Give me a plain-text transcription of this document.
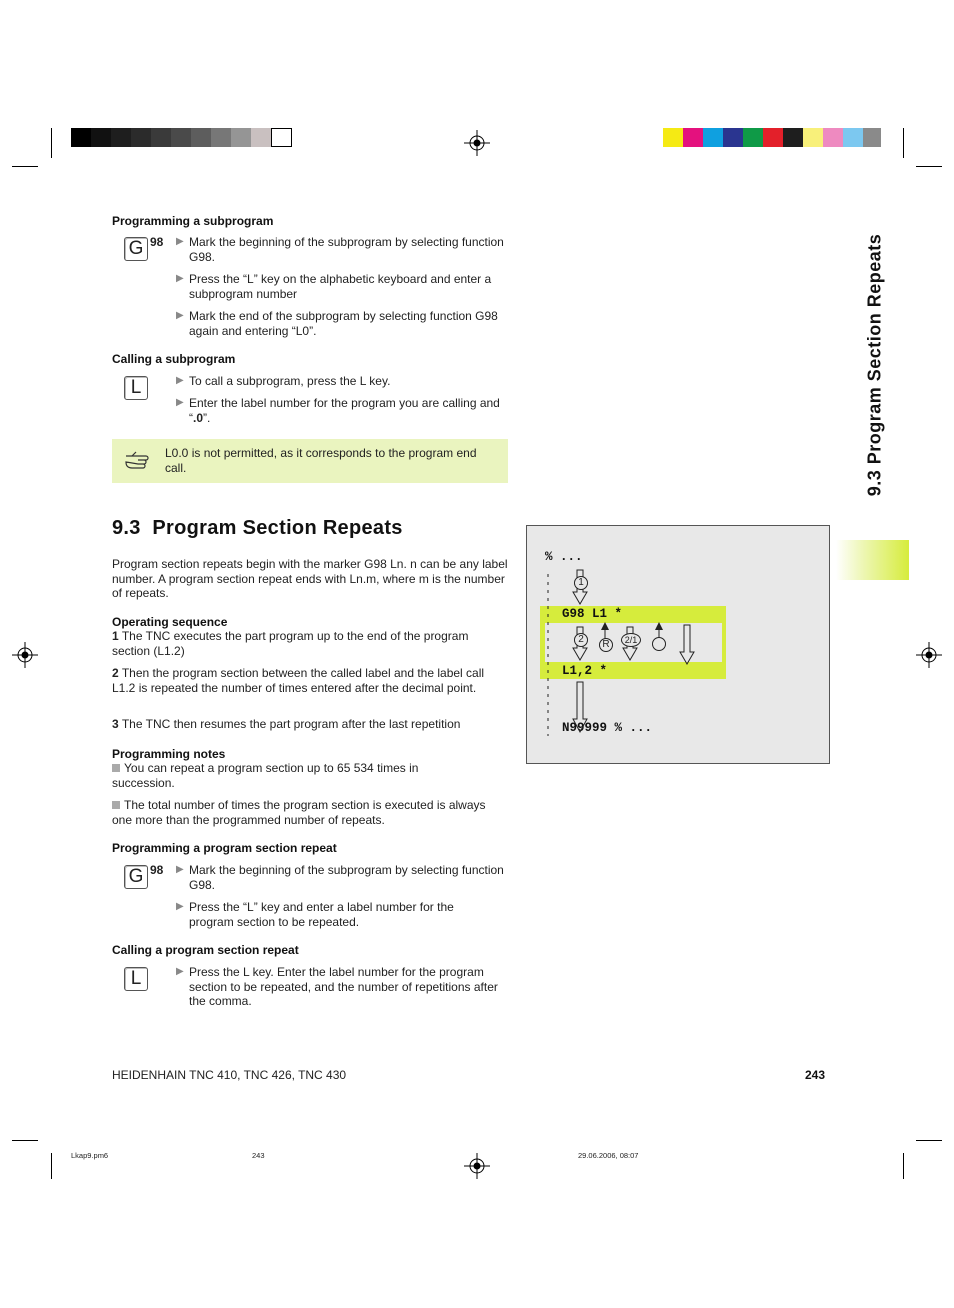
9.3 Program Section Repeats
Programming a subprogram
G 98 ▶ Mark the beginning of the subprogram by selecting function G98.
▶ Press the “L” key on the alphabetic keyboard and enter a subprogram number
▶ Mark the end of the subprogram by selecting function G98 again and entering “L0”.
Calling a subprogram
L	▶ To call a subprogram, press the L key.
▶ Enter the label number for the program you are calling and “.0”.
L0.0 is not permitted, as it corresponds to the program end call.
9.3 Program Section Repeats
Program section repeats begin with the marker G98 Ln. n can be any label number. A program section repeat ends with Ln.m, where m is the number of repeats.
Operating sequence
1 The TNC executes the part program up to the end of the program section (L1.2)
2 Then the program section between the called label and the label call L1.2 is repeated the number of times entered after the decimal point.
3 The TNC then resumes the part program after the last repetition
Programming notes
You can repeat a program section up to 65 534 times in succession.
The total number of times the program section is executed is always one more than the programmed number of repeats.
Programming a program section repeat
G 98 ▶ Mark the beginning of the subprogram by selecting function G98.
▶ Press the “L” key and enter a label number for the program section to be repeated.
Calling a program section repeat
L	▶ Press the L key. Enter the label number for the program section to be repeated, and the number of repetitions after the comma.
% ...
G98 L1 *
L1,2 *
N99999 % ...
1
2	R	2/1
HEIDENHAIN TNC 410, TNC 426, TNC 430	243
Lkap9.pm6	243	29.06.2006, 08:07
